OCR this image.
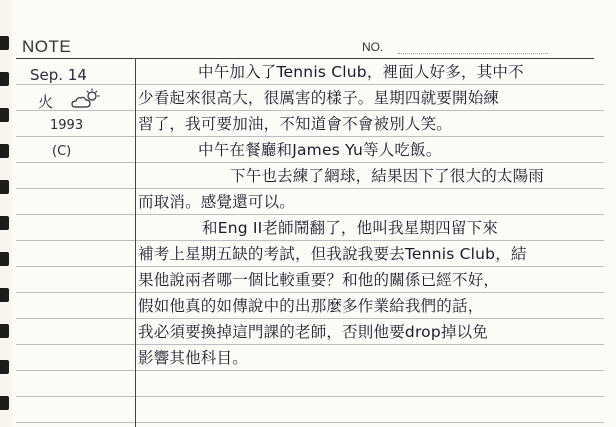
NOTE	NO.
Sep. 14
火
1993
(C)
中午加入了Tennis Club，裡面人好多，其中不
少看起來很高大，很厲害的樣子。星期四就要開始練
習了，我可要加油，不知道會不會被別人笑。
中午在餐廳和James Yu等人吃飯。
下午也去練了網球，結果因下了很大的太陽雨
而取消。感覺還可以。
和Eng II老師鬧翻了，他叫我星期四留下來
補考上星期五缺的考試，但我說我要去Tennis Club，結
果他說兩者哪一個比較重要？和他的關係已經不好，
假如他真的如傳說中的出那麼多作業給我們的話，
我必須要換掉這門課的老師，否則他要drop掉以免
影響其他科目。
